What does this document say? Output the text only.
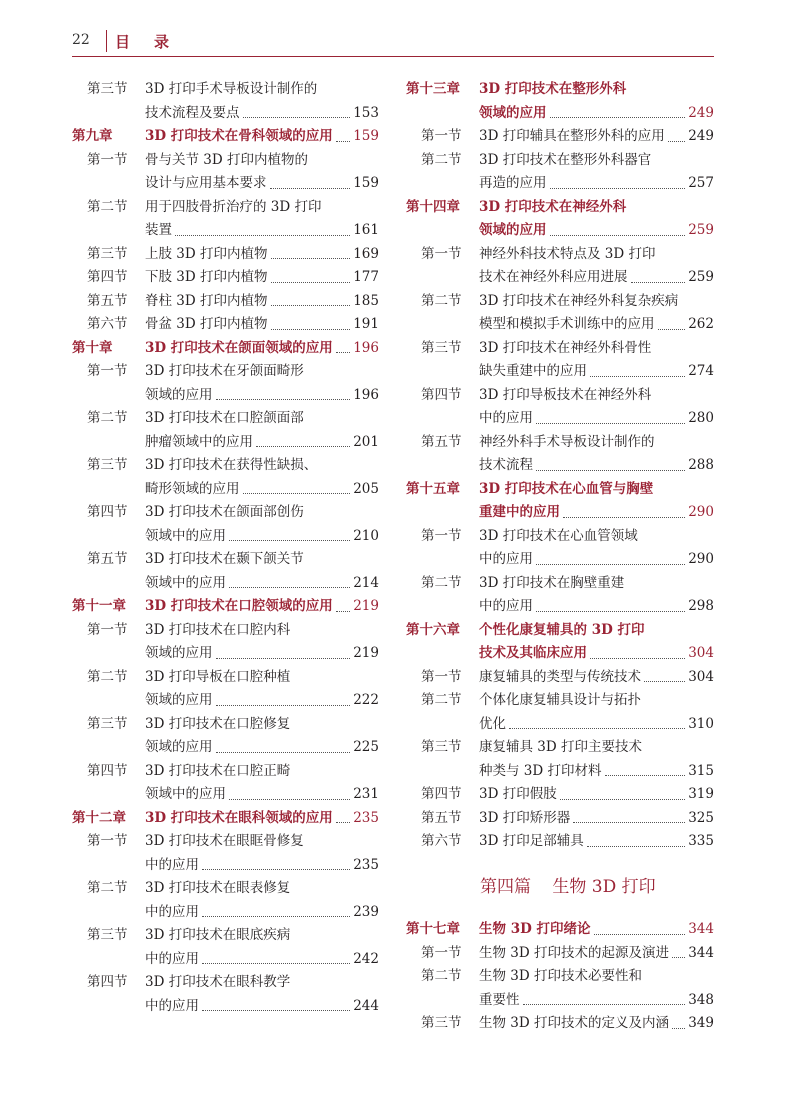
22 目录
第三节 3D 打印手术导板设计制作的
技术流程及要点	153
第九章 3D 打印技术在骨科领域的应用 159
第一节 骨与关节 3D 打印内植物的
设计与应用基本要求	159
第二节 用于四肢骨折治疗的 3D 打印
装置	161
第三节 上肢 3D 打印内植物	169
第四节 下肢 3D 打印内植物	177
第五节 脊柱 3D 打印内植物	185
第六节 骨盆 3D 打印内植物	191
第十章 3D 打印技术在颌面领域的应用 196
第一节 3D 打印技术在牙颌面畸形
领域的应用	196
第二节 3D 打印技术在口腔颌面部
肿瘤领域中的应用	201
第三节 3D 打印技术在获得性缺损、
畸形领域的应用	205
第四节 3D 打印技术在颌面部创伤
领域中的应用	210
第五节 3D 打印技术在颞下颌关节
领域中的应用	214
第十一章 3D 打印技术在口腔领域的应用 219
第一节 3D 打印技术在口腔内科
领域的应用	219
第二节 3D 打印导板在口腔种植
领域的应用	222
第三节 3D 打印技术在口腔修复
领域的应用	225
第四节 3D 打印技术在口腔正畸
领域中的应用	231
第十二章 3D 打印技术在眼科领域的应用 235
第一节 3D 打印技术在眼眶骨修复
中的应用	235
第二节 3D 打印技术在眼表修复
中的应用	239
第三节 3D 打印技术在眼底疾病
中的应用	242
第四节 3D 打印技术在眼科教学
中的应用	244
第十三章 3D 打印技术在整形外科
领域的应用	249
第一节 3D 打印辅具在整形外科的应用 249
第二节 3D 打印技术在整形外科器官
再造的应用	257
第十四章 3D 打印技术在神经外科
领域的应用	259
第一节 神经外科技术特点及 3D 打印
技术在神经外科应用进展	259
第二节 3D 打印技术在神经外科复杂疾病
模型和模拟手术训练中的应用 262
第三节 3D 打印技术在神经外科骨性
缺失重建中的应用	274
第四节 3D 打印导板技术在神经外科
中的应用	280
第五节 神经外科手术导板设计制作的
技术流程	288
第十五章 3D 打印技术在心血管与胸壁
重建中的应用	290
第一节 3D 打印技术在心血管领域
中的应用	290
第二节 3D 打印技术在胸壁重建
中的应用	298
第十六章 个性化康复辅具的 3D 打印
技术及其临床应用	304
第一节 康复辅具的类型与传统技术	304
第二节 个体化康复辅具设计与拓扑
优化	310
第三节 康复辅具 3D 打印主要技术
种类与 3D 打印材料	315
第四节 3D 打印假肢	319
第五节 3D 打印矫形器	325
第六节 3D 打印足部辅具	335
第十七章 生物 3D 打印绪论	344
第一节 生物 3D 打印技术的起源及演进 344
第二节 生物 3D 打印技术必要性和
重要性	348
第三节 生物 3D 打印技术的定义及内涵 349
第四篇 生物 3D 打印
